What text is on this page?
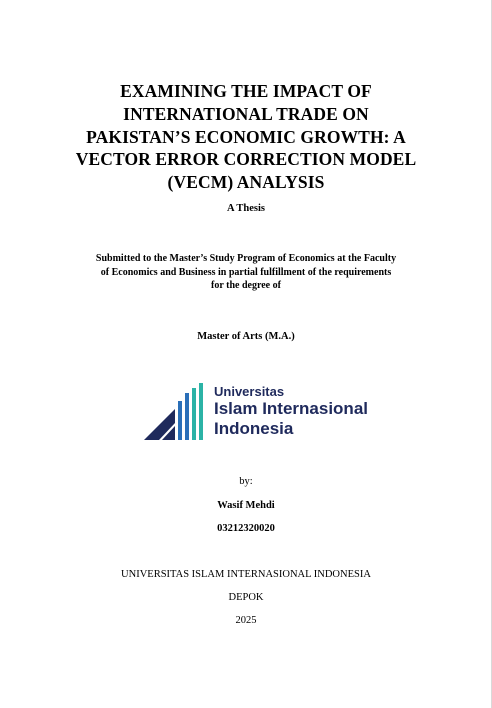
EXAMINING THE IMPACT OF
INTERNATIONAL TRADE ON
PAKISTAN’S ECONOMIC GROWTH: A
VECTOR ERROR CORRECTION MODEL
(VECM) ANALYSIS
A Thesis
Submitted to the Master’s Study Program of Economics at the Faculty
of Economics and Business in partial fulfillment of the requirements
for the degree of
Master of Arts (M.A.)
Universitas
Islam Internasional
Indonesia
by:
Wasif Mehdi
03212320020
UNIVERSITAS ISLAM INTERNASIONAL INDONESIA
DEPOK
2025
